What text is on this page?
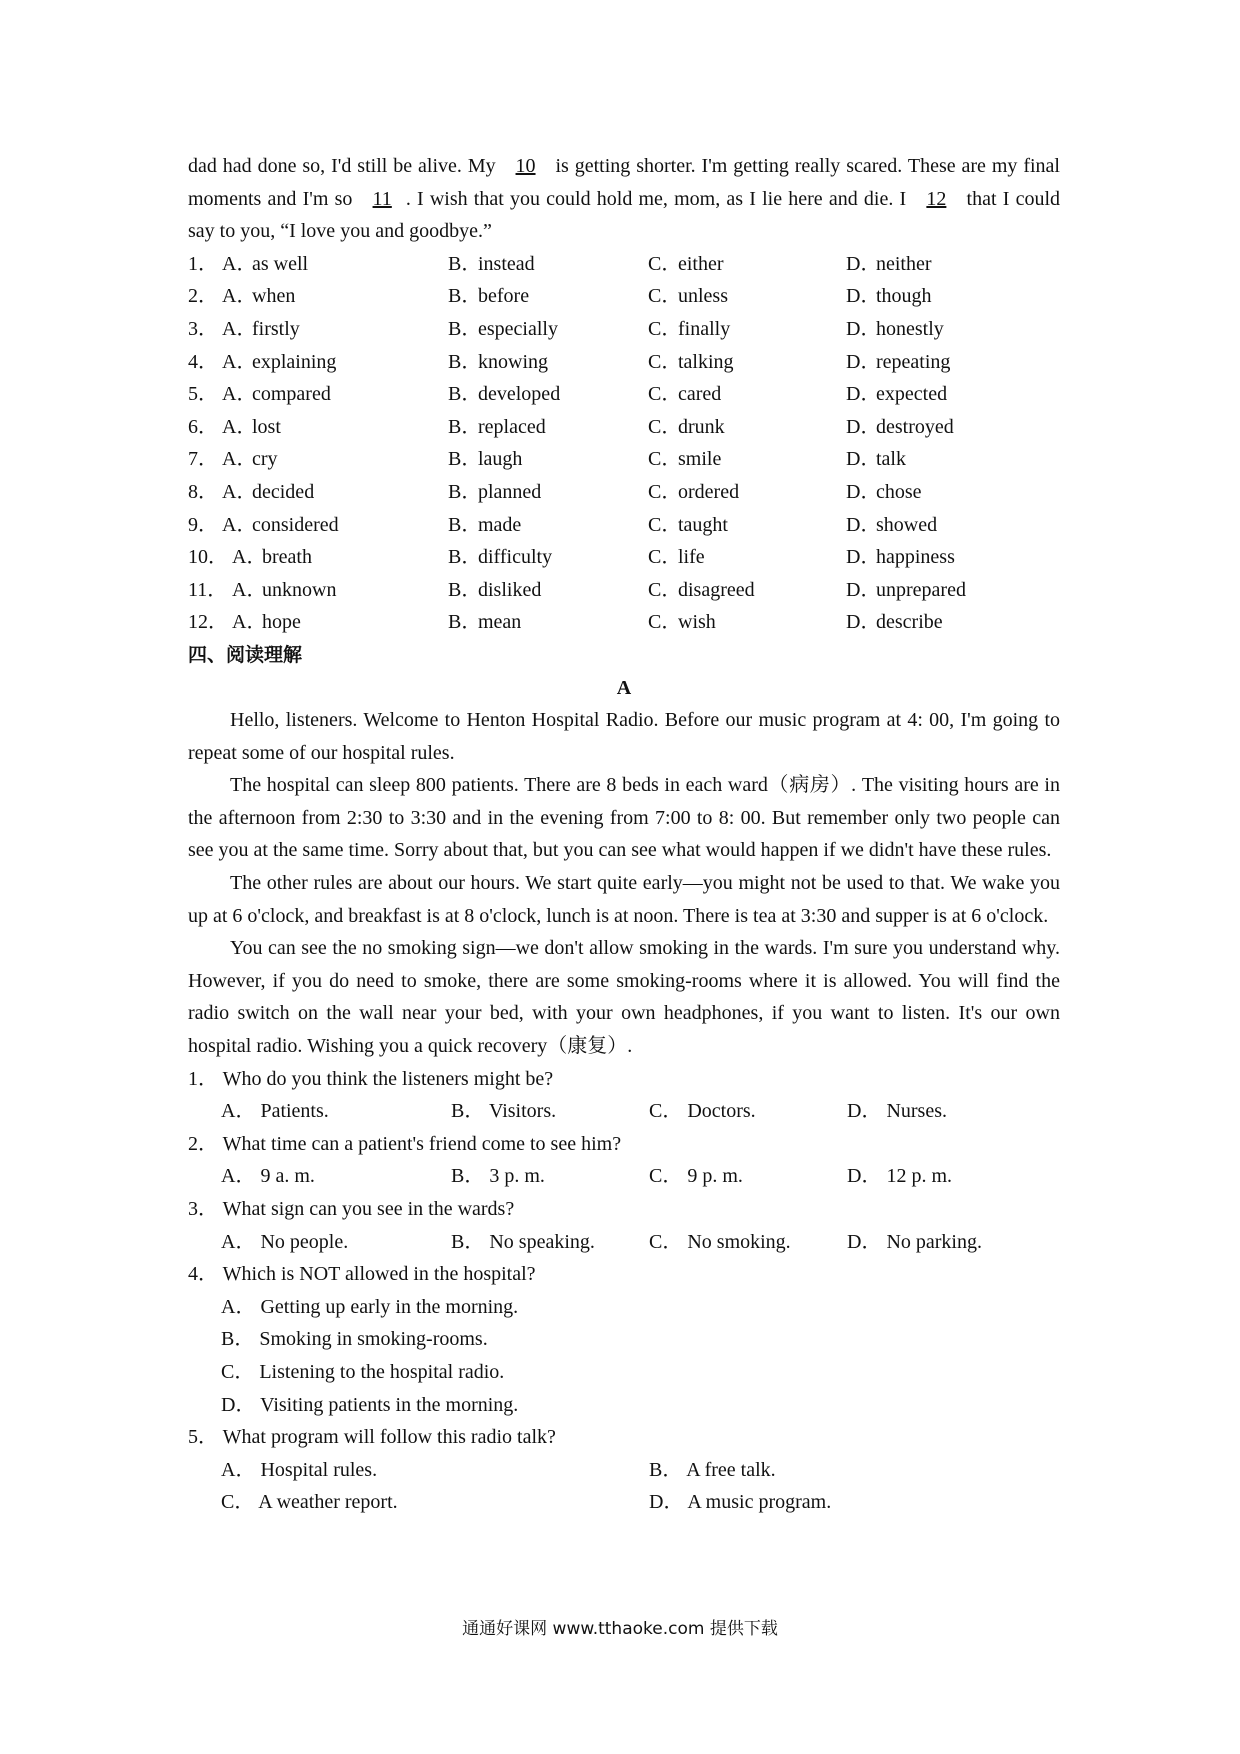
dad had done so, I'd still be alive. My 10 is getting shorter. I'm getting really scared. These are my final moments and I'm so 11 . I wish that you could hold me, mom, as I lie here and die. I 12 that I could say to you, “I love you and goodbye.”

1． A．as well	B．instead	C．either	D．neither
2． A．when	B．before	C．unless	D．though
3． A．firstly	B．especially	C．finally	D．honestly
4． A．explaining	B．knowing	C．talking	D．repeating
5． A．compared	B．developed	C．cared	D．expected
6． A．lost	B．replaced	C．drunk	D．destroyed
7． A．cry	B．laugh	C．smile	D．talk
8． A．decided	B．planned	C．ordered	D．chose
9． A．considered	B．made	C．taught	D．showed
10． A．breath	B．difficulty	C．life	D．happiness
11． A．unknown	B．disliked	C．disagreed	D．unprepared
12． A．hope	B．mean	C．wish	D．describe
四、阅读理解
A

Hello, listeners. Welcome to Henton Hospital Radio. Before our music program at 4: 00, I'm going to repeat some of our hospital rules.

The hospital can sleep 800 patients. There are 8 beds in each ward（病房）. The visiting hours are in the afternoon from 2:30 to 3:30 and in the evening from 7:00 to 8: 00. But remember only two people can see you at the same time. Sorry about that, but you can see what would happen if we didn't have these rules.

The other rules are about our hours. We start quite early—you might not be used to that. We wake you up at 6 o'clock, and breakfast is at 8 o'clock, lunch is at noon. There is tea at 3:30 and supper is at 6 o'clock.

You can see the no smoking sign—we don't allow smoking in the wards. I'm sure you understand why. However, if you do need to smoke, there are some smoking-rooms where it is allowed. You will find the radio switch on the wall near your bed, with your own headphones, if you want to listen. It's our own hospital radio. Wishing you a quick recovery（康复）.

1． Who do you think the listeners might be?
A． Patients.	B． Visitors.	C． Doctors.	D． Nurses.
2． What time can a patient's friend come to see him?
A． 9 a. m.	B． 3 p. m.	C． 9 p. m.	D． 12 p. m.
3． What sign can you see in the wards?
A． No people.	B． No speaking.	C． No smoking.	D． No parking.
4． Which is NOT allowed in the hospital?
A． Getting up early in the morning.
B． Smoking in smoking-rooms.
C． Listening to the hospital radio.
D． Visiting patients in the morning.
5． What program will follow this radio talk?
A． Hospital rules.	B． A free talk.
C． A weather report.	D． A music program.
通通好课网 www.tthaoke.com 提供下载
